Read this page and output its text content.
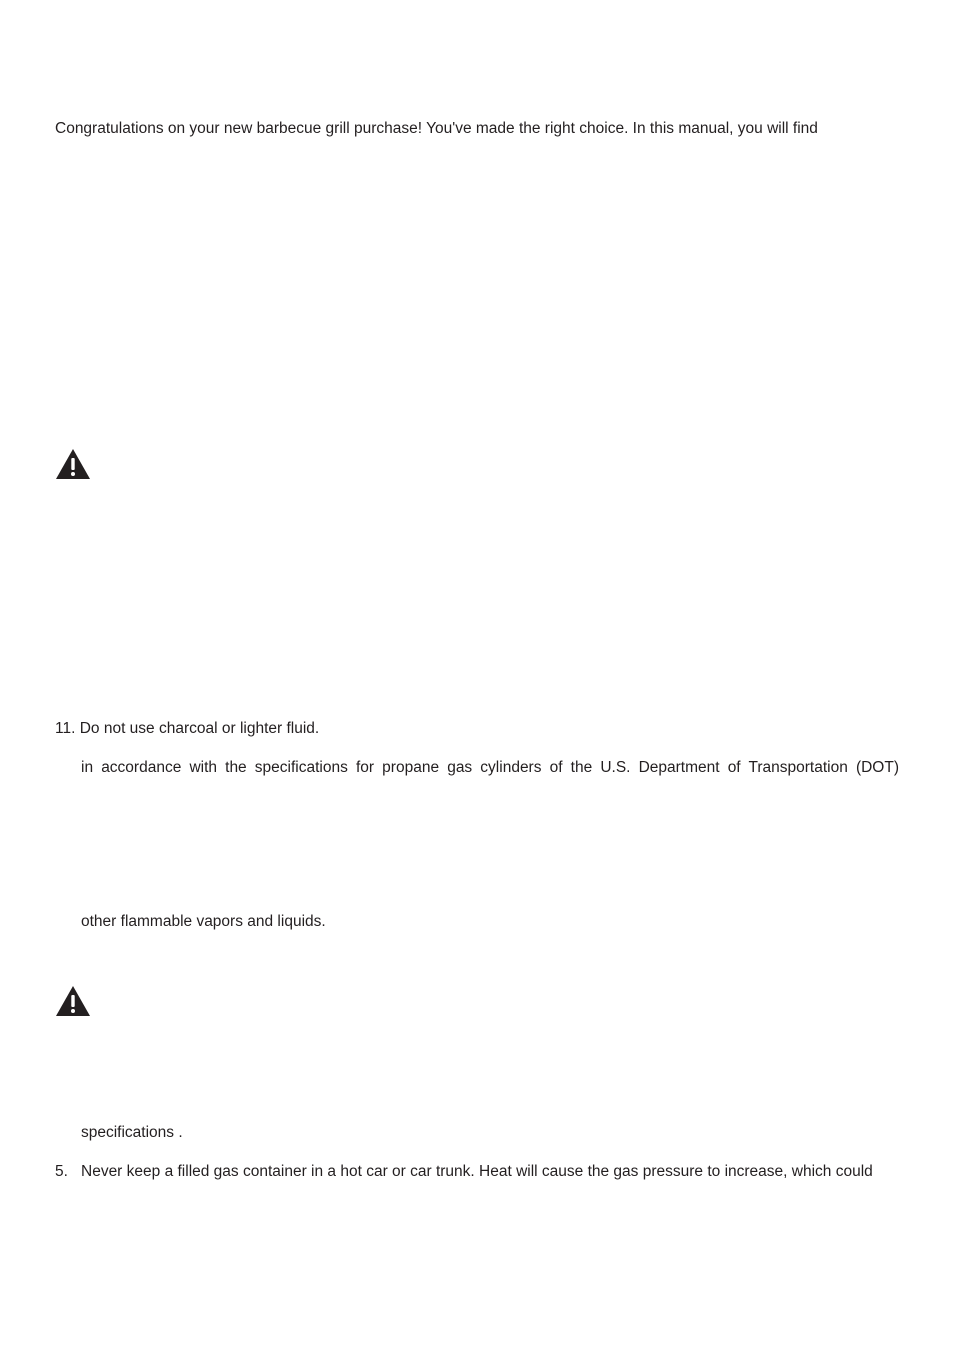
Congratulations on your new barbecue grill purchase! You've made the right choice. In this manual, you will find

11. Do not use charcoal or lighter fluid.

in accordance with the specifications for propane gas cylinders of the U.S. Department of Transportation (DOT)

other flammable vapors and liquids.

specifications .

5. Never keep a filled gas container in a hot car or car trunk. Heat will cause the gas pressure to increase, which could
